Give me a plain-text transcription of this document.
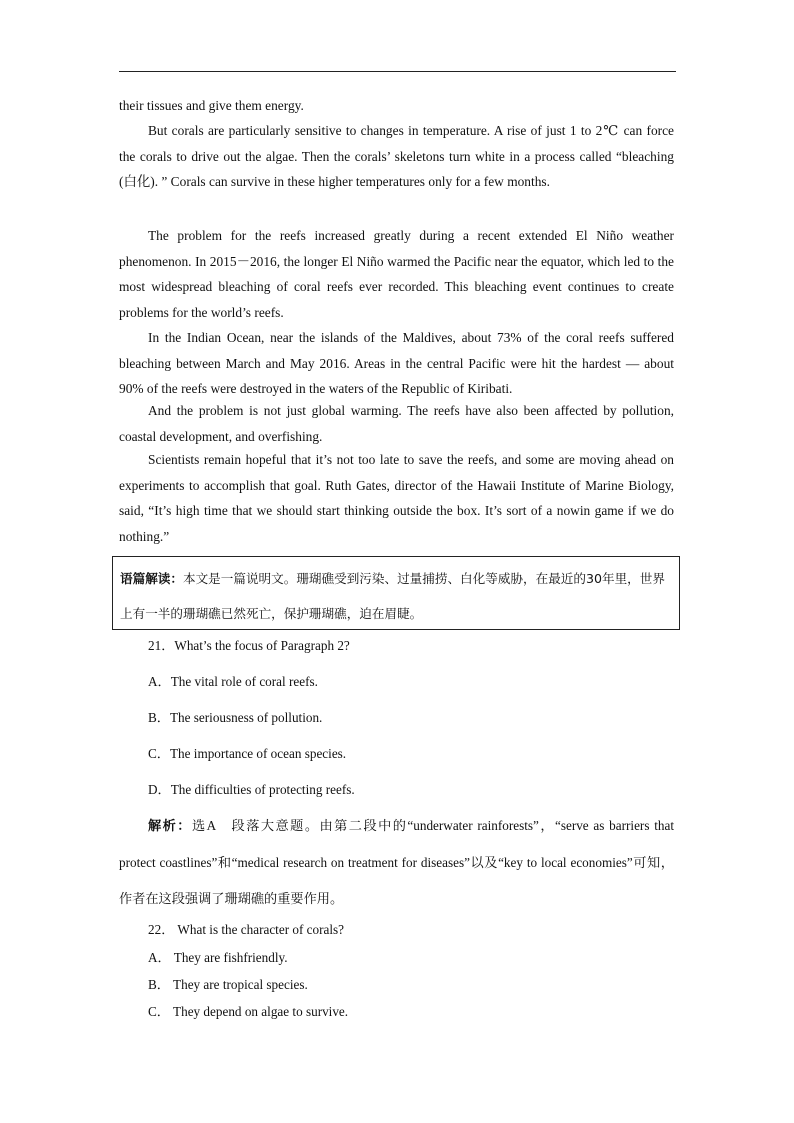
their tissues and give them energy.
But corals are particularly sensitive to changes in temperature. A rise of just 1 to 2℃ can force the corals to drive out the algae. Then the corals’ skeletons turn white in a process called “bleaching (白化). ” Corals can survive in these higher temperatures only for a few months.
The problem for the reefs increased greatly during a recent extended El Niño weather phenomenon. In 2015－2016, the longer El Niño warmed the Pacific near the equator, which led to the most widespread bleaching of coral reefs ever recorded. This bleaching event continues to create problems for the world’s reefs.
In the Indian Ocean, near the islands of the Maldives, about 73% of the coral reefs suffered bleaching between March and May 2016. Areas in the central Pacific were hit the hardest — about 90% of the reefs were destroyed in the waters of the Republic of Kiribati.
And the problem is not just global warming. The reefs have also been affected by pollution, coastal development, and overfishing.
Scientists remain hopeful that it’s not too late to save the reefs, and some are moving ahead on experiments to accomplish that goal. Ruth Gates, director of the Hawaii Institute of Marine Biology, said, “It’s high time that we should start thinking outside the box. It’s sort of a nowin game if we do nothing.”
语篇解读：本文是一篇说明文。珊瑚礁受到污染、过量捕捞、白化等威胁，在最近的30年里，世界上有一半的珊瑚礁已然死亡，保护珊瑚礁，迫在眉睫。
21．What’s the focus of Paragraph 2?
A．The vital role of coral reefs.
B．The seriousness of pollution.
C．The importance of ocean species.
D．The difficulties of protecting reefs.
解析：选A　段落大意题。由第二段中的“underwater rainforests”，“serve as barriers that protect coastlines”和“medical research on treatment for diseases”以及“key to local economies”可知，作者在这段强调了珊瑚礁的重要作用。
22． What is the character of corals?
A． They are fishfriendly.
B． They are tropical species.
C． They depend on algae to survive.
